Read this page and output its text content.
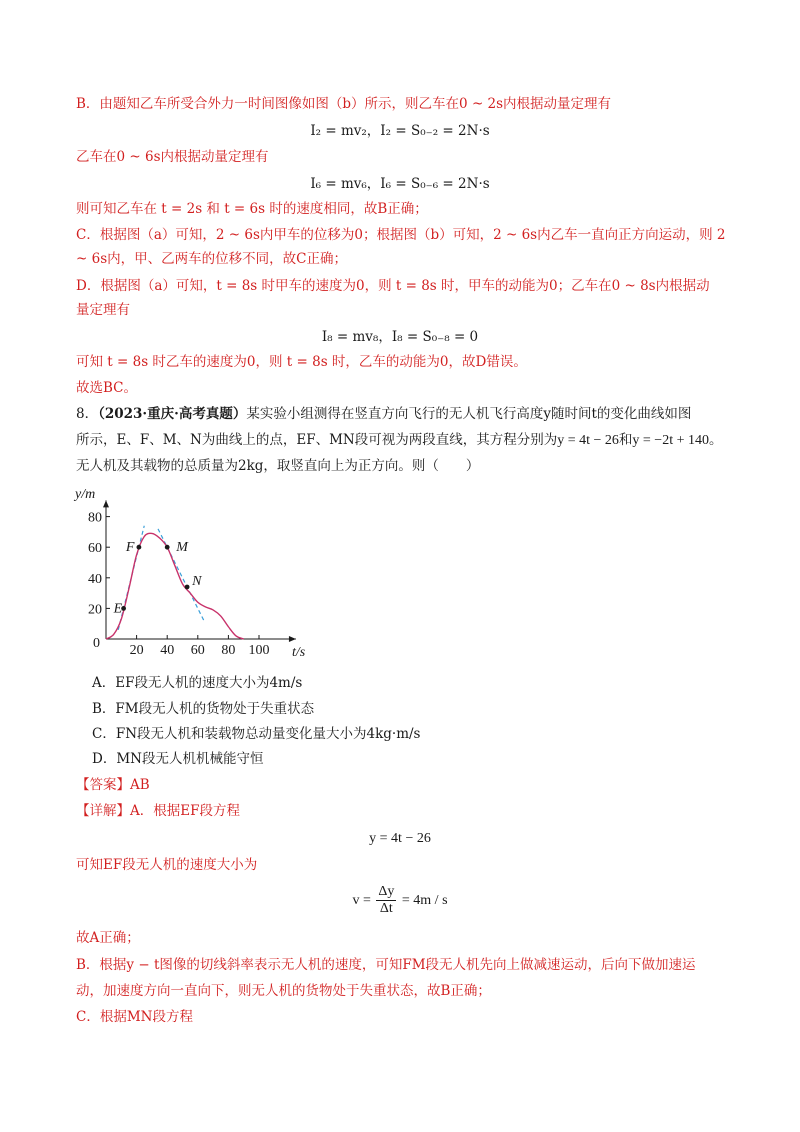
B．由题知乙车所受合外力一时间图像如图（b）所示，则乙车在0 ~ 2s内根据动量定理有
I₂ = mv₂，I₂ = S₀₋₂ = 2N·s
乙车在0 ~ 6s内根据动量定理有
I₆ = mv₆，I₆ = S₀₋₆ = 2N·s
则可知乙车在 t = 2s 和 t = 6s 时的速度相同，故B正确；
C．根据图（a）可知，2 ~ 6s内甲车的位移为0；根据图（b）可知，2 ~ 6s内乙车一直向正方向运动，则 2
~ 6s内，甲、乙两车的位移不同，故C正确；
D．根据图（a）可知，t = 8s 时甲车的速度为0，则 t = 8s 时，甲车的动能为0；乙车在0 ~ 8s内根据动
量定理有
I₈ = mv₈，I₈ = S₀₋₈ = 0
可知 t = 8s 时乙车的速度为0，则 t = 8s 时，乙车的动能为0，故D错误。
故选BC。
8．（2023·重庆·高考真题）某实验小组测得在竖直方向飞行的无人机飞行高度y随时间t的变化曲线如图
所示，E、F、M、N为曲线上的点，EF、MN段可视为两段直线，其方程分别为y = 4t − 26和y = −2t + 140。
无人机及其载物的总质量为2kg，取竖直向上为正方向。则（　　）
20 40 60 80 100
20
40
60
80
0
t/s
y/m
E
F	M
N
A．EF段无人机的速度大小为4m/s
B．FM段无人机的货物处于失重状态
C．FN段无人机和装载物总动量变化量大小为4kg·m/s
D．MN段无人机机械能守恒
【答案】AB
【详解】A．根据EF段方程
y = 4t − 26
可知EF段无人机的速度大小为
$v = \frac{\Delta y}{\Delta t} = 4m / s$
故A正确；
B．根据y − t图像的切线斜率表示无人机的速度，可知FM段无人机先向上做减速运动，后向下做加速运
动，加速度方向一直向下，则无人机的货物处于失重状态，故B正确；
C．根据MN段方程
